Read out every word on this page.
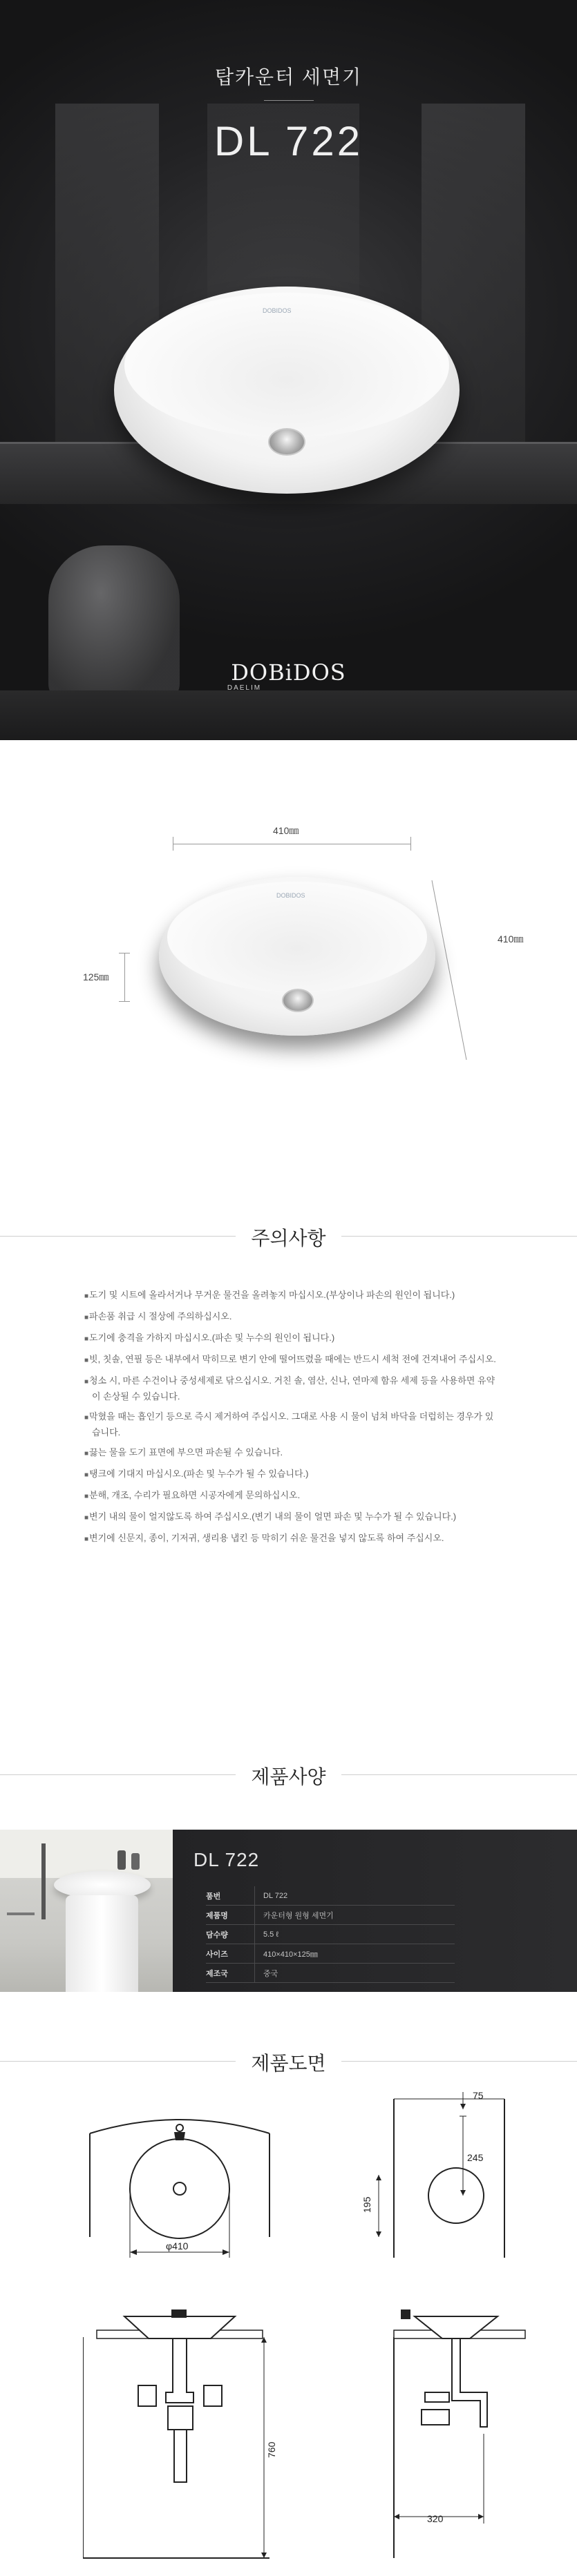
탑카운터 세면기
DL 722
DOBIDOS
DOBiDOS
DAELIM
410㎜
410㎜
125㎜
DOBIDOS
주의사항
■ 도기 및 시트에 올라서거나 무거운 물건을 올려놓지 마십시오.(부상이나 파손의 원인이 됩니다.)
■ 파손품 취급 시 절상에 주의하십시오.
■ 도기에 충격을 가하지 마십시오.(파손 및 누수의 원인이 됩니다.)
■ 빗, 칫솔, 연필 등은 내부에서 막히므로 변기 안에 떨어뜨렸을 때에는 반드시 세척 전에 건져내어 주십시오.
■ 청소 시, 마른 수건이나 중성세제로 닦으십시오. 거친 솔, 염산, 신나, 연마제 함유 세제 등을 사용하면 유약이 손상될 수 있습니다.
■ 막혔을 때는 흡인기 등으로 즉시 제거하여 주십시오. 그대로 사용 시 물이 넘쳐 바닥을 더럽히는 경우가 있습니다.
■ 끓는 물을 도기 표면에 부으면 파손될 수 있습니다.
■ 탱크에 기대지 마십시오.(파손 및 누수가 될 수 있습니다.)
■ 분해, 개조, 수리가 필요하면 시공자에게 문의하십시오.
■ 변기 내의 물이 얼지않도록 하여 주십시오.(변기 내의 물이 얼면 파손 및 누수가 될 수 있습니다.)
■ 변기에 신문지, 종이, 기저귀, 생리용 냅킨 등 막히기 쉬운 물건을 넣지 않도록 하여 주십시오.
제품사양
DL 722
품번	DL 722
제품명	카운터형 원형 세면기
담수량	5.5 ℓ
사이즈	410×410×125㎜
제조국	중국
제품도면
φ410
75
245
195
760
320
